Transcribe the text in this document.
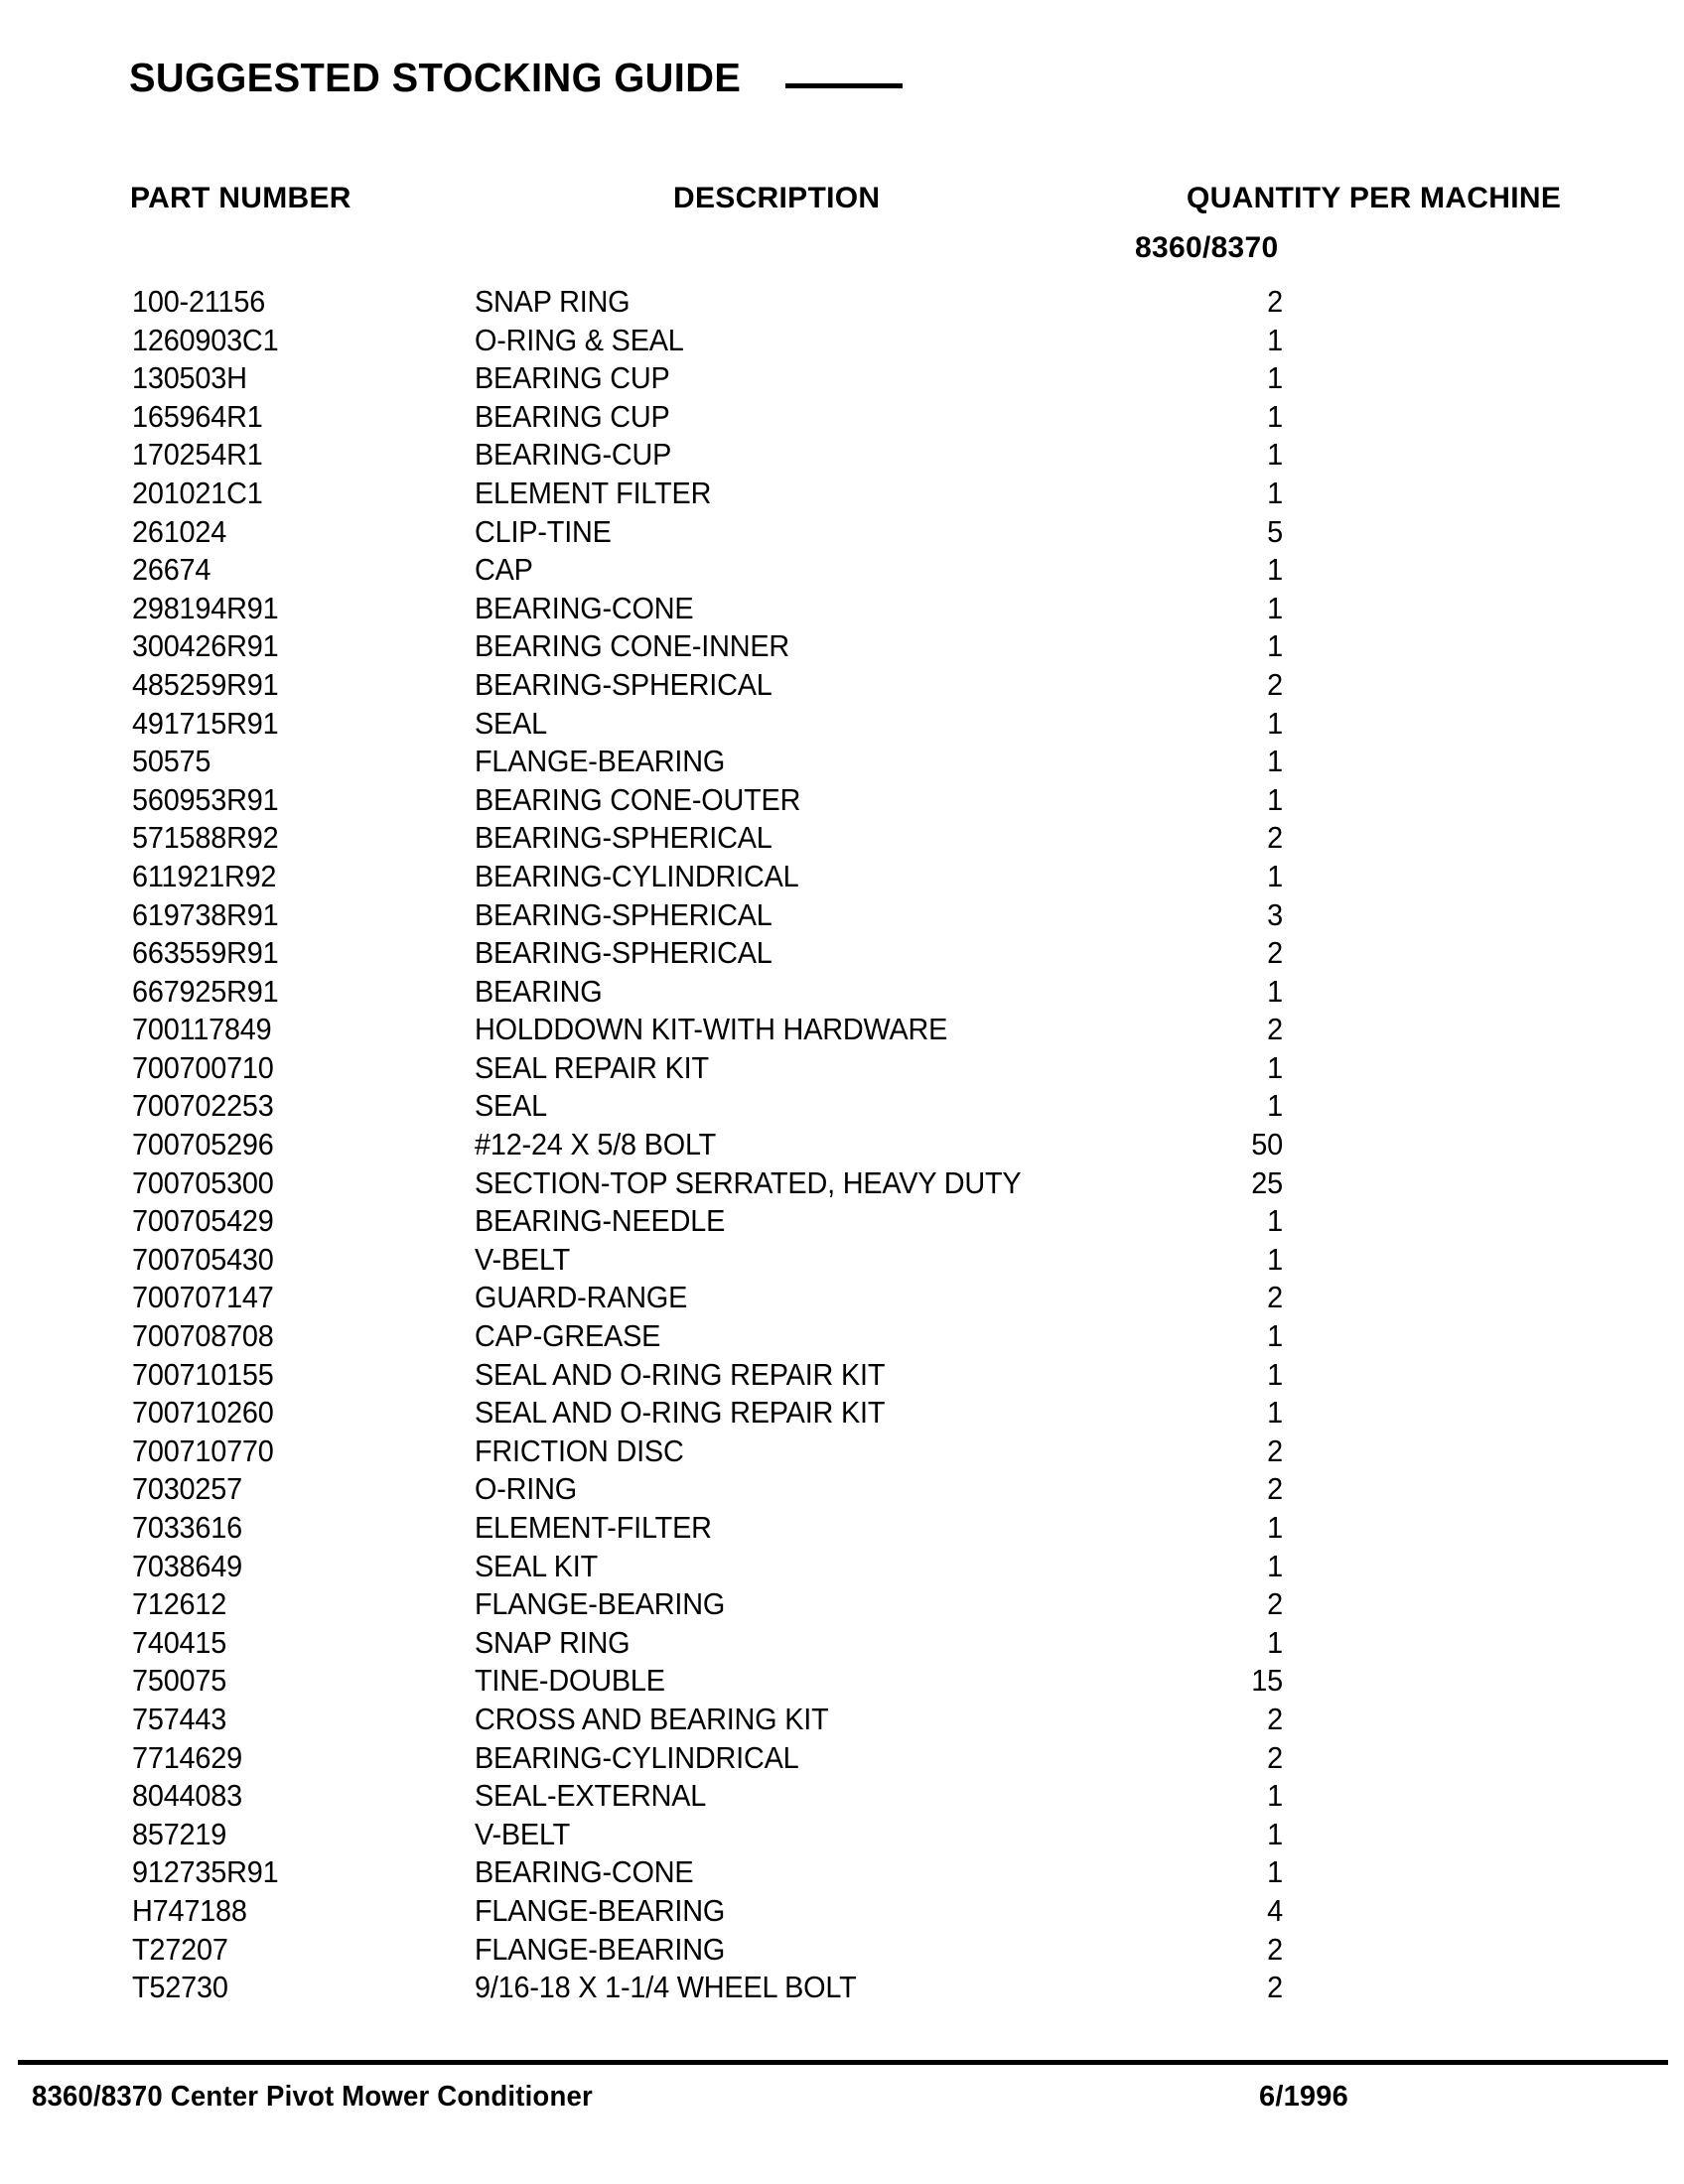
SUGGESTED STOCKING GUIDE
PART NUMBER	DESCRIPTION	QUANTITY PER MACHINE
8360/8370
100-21156	SNAP RING	2
1260903C1	O-RING & SEAL	1
130503H	BEARING CUP	1
165964R1	BEARING CUP	1
170254R1	BEARING-CUP	1
201021C1	ELEMENT FILTER	1
261024	CLIP-TINE	5
26674	CAP	1
298194R91	BEARING-CONE	1
300426R91	BEARING CONE-INNER	1
485259R91	BEARING-SPHERICAL	2
491715R91	SEAL	1
50575	FLANGE-BEARING	1
560953R91	BEARING CONE-OUTER	1
571588R92	BEARING-SPHERICAL	2
611921R92	BEARING-CYLINDRICAL	1
619738R91	BEARING-SPHERICAL	3
663559R91	BEARING-SPHERICAL	2
667925R91	BEARING	1
700117849	HOLDDOWN KIT-WITH HARDWARE	2
700700710	SEAL REPAIR KIT	1
700702253	SEAL	1
700705296	#12-24 X 5/8 BOLT	50
700705300	SECTION-TOP SERRATED, HEAVY DUTY	25
700705429	BEARING-NEEDLE	1
700705430	V-BELT	1
700707147	GUARD-RANGE	2
700708708	CAP-GREASE	1
700710155	SEAL AND O-RING REPAIR KIT	1
700710260	SEAL AND O-RING REPAIR KIT	1
700710770	FRICTION DISC	2
7030257	O-RING	2
7033616	ELEMENT-FILTER	1
7038649	SEAL KIT	1
712612	FLANGE-BEARING	2
740415	SNAP RING	1
750075	TINE-DOUBLE	15
757443	CROSS AND BEARING KIT	2
7714629	BEARING-CYLINDRICAL	2
8044083	SEAL-EXTERNAL	1
857219	V-BELT	1
912735R91	BEARING-CONE	1
H747188	FLANGE-BEARING	4
T27207	FLANGE-BEARING	2
T52730	9/16-18 X 1-1/4 WHEEL BOLT	2
8360/8370 Center Pivot Mower Conditioner	6/1996
